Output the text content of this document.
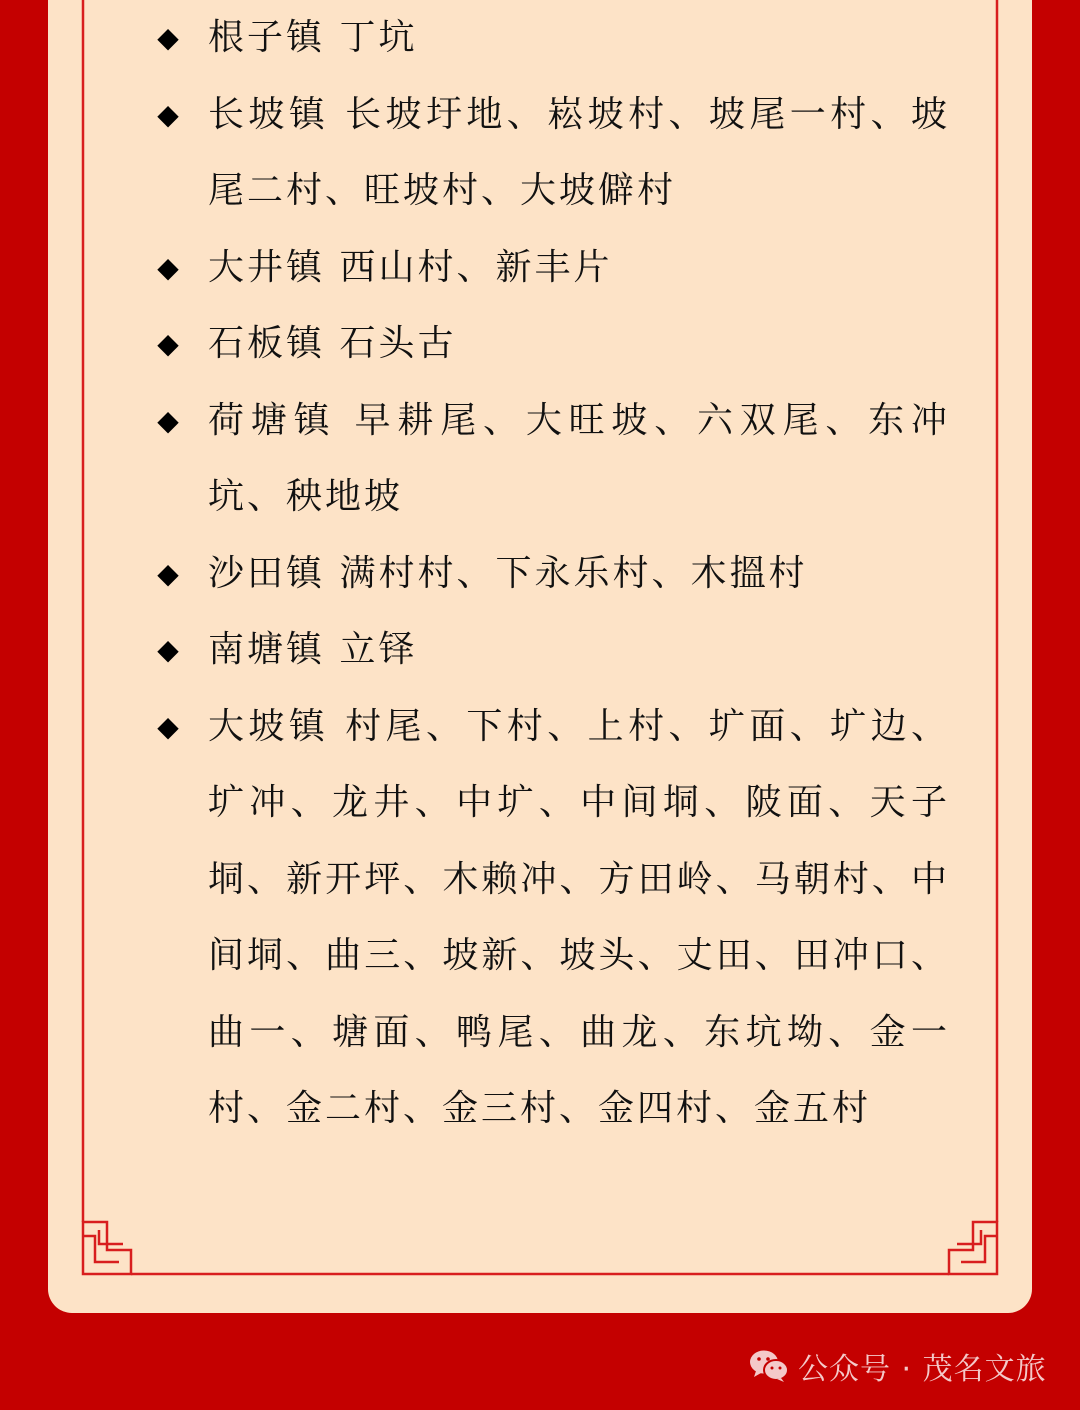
◆ 根子镇 丁坑
◆ 长坡镇 长坡圩地、崧坡村、坡尾一村、坡尾二村、旺坡村、大坡僻村
◆ 大井镇 西山村、新丰片
◆ 石板镇 石头古
◆ 荷塘镇 早耕尾、大旺坡、六双尾、东冲坑、秧地坡
◆ 沙田镇 满村村、下永乐村、木搵村
◆ 南塘镇 立铎
◆ 大坡镇 村尾、下村、上村、圹面、圹边、圹冲、龙井、中圹、中间垌、陂面、天子垌、新开坪、木赖冲、方田岭、马朝村、中间垌、曲三、坡新、坡头、丈田、田冲口、曲一、塘面、鸭尾、曲龙、东坑坳、金一村、金二村、金三村、金四村、金五村
公众号 · 茂名文旅
